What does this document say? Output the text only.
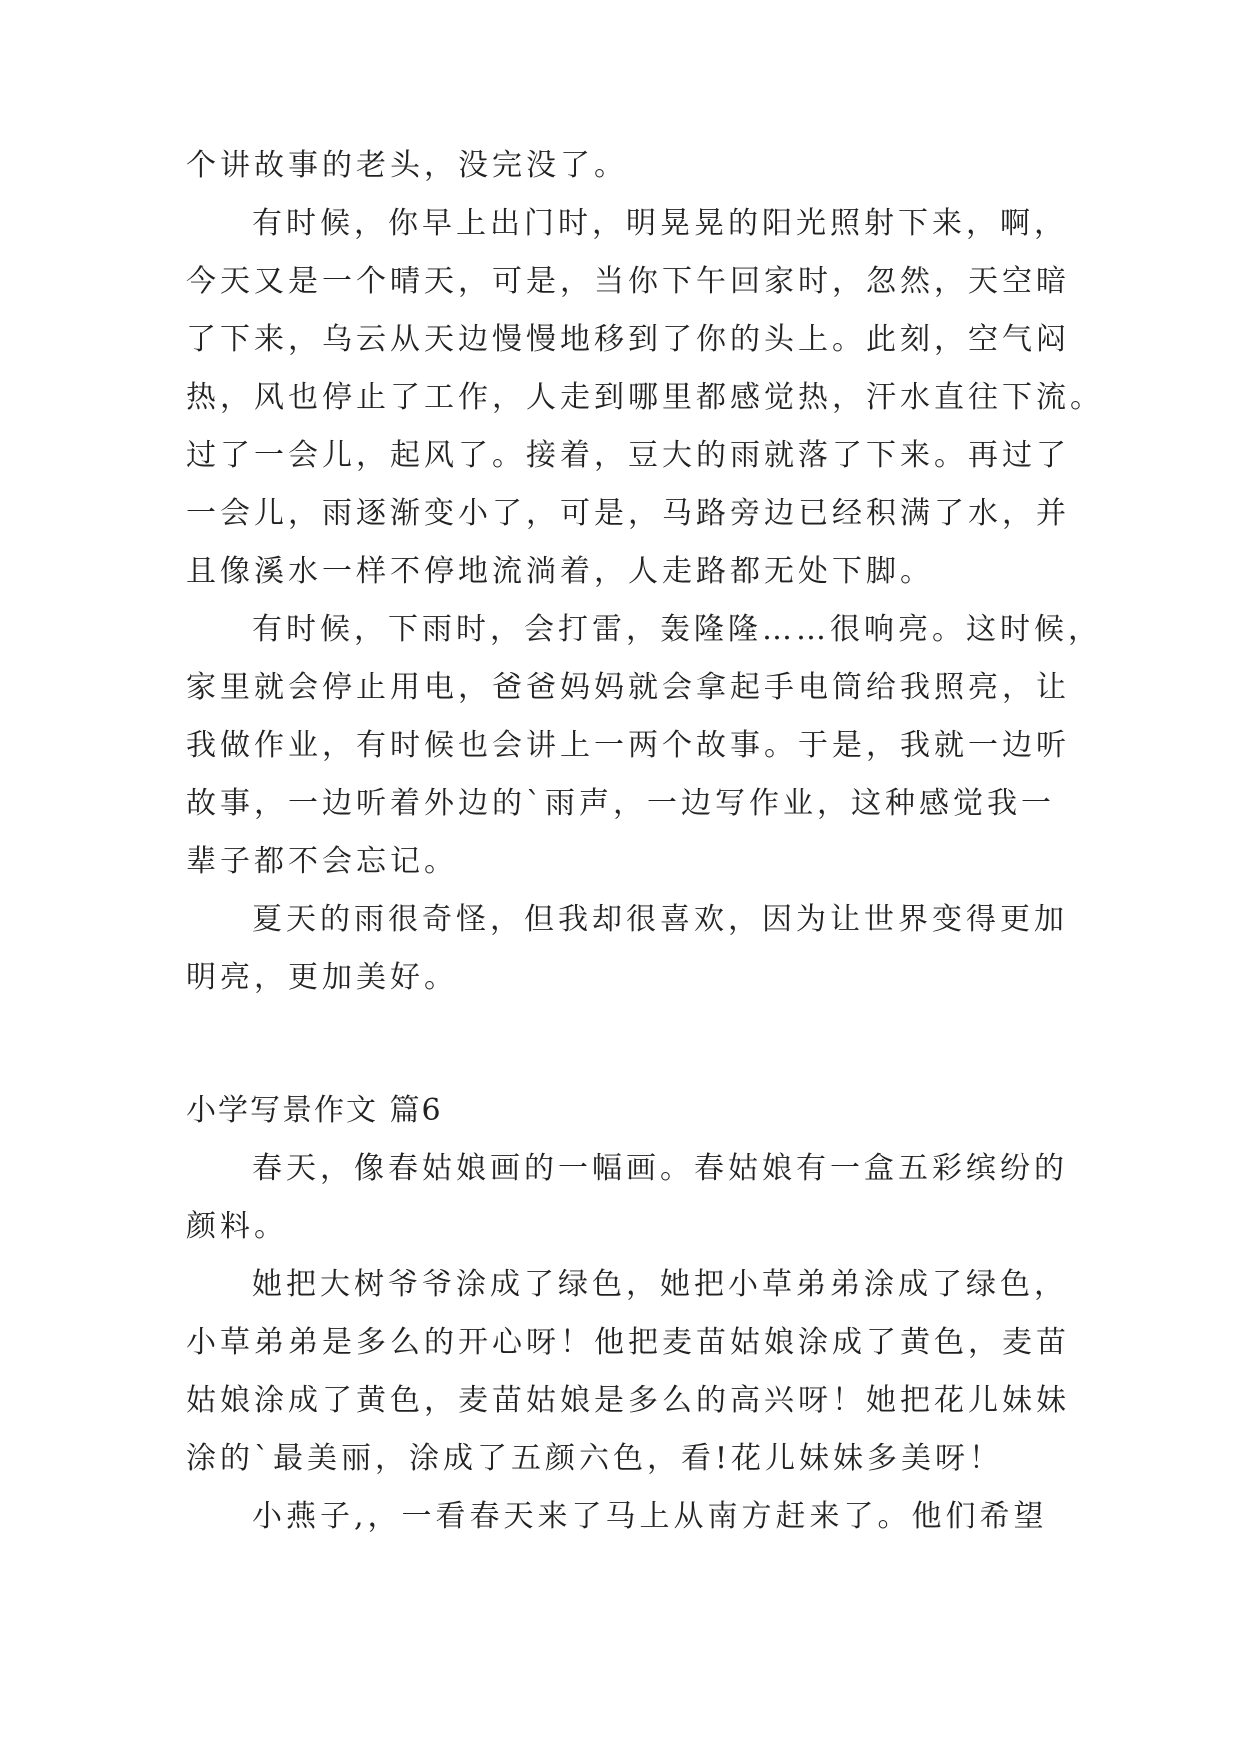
个讲故事的老头，没完没了。
有时候，你早上出门时，明晃晃的阳光照射下来，啊，
今天又是一个晴天，可是，当你下午回家时，忽然，天空暗
了下来，乌云从天边慢慢地移到了你的头上。此刻，空气闷
热，风也停止了工作，人走到哪里都感觉热，汗水直往下流。
过了一会儿，起风了。接着，豆大的雨就落了下来。再过了
一会儿，雨逐渐变小了，可是，马路旁边已经积满了水，并
且像溪水一样不停地流淌着，人走路都无处下脚。
有时候，下雨时，会打雷，轰隆隆……很响亮。这时候，
家里就会停止用电，爸爸妈妈就会拿起手电筒给我照亮，让
我做作业，有时候也会讲上一两个故事。于是，我就一边听
故事，一边听着外边的`雨声，一边写作业，这种感觉我一
辈子都不会忘记。
夏天的雨很奇怪，但我却很喜欢，因为让世界变得更加
明亮，更加美好。
小学写景作文 篇6
春天，像春姑娘画的一幅画。春姑娘有一盒五彩缤纷的
颜料。
她把大树爷爷涂成了绿色，她把小草弟弟涂成了绿色，
小草弟弟是多么的开心呀！他把麦苗姑娘涂成了黄色，麦苗
姑娘涂成了黄色，麦苗姑娘是多么的高兴呀！她把花儿妹妹
涂的`最美丽，涂成了五颜六色，看!花儿妹妹多美呀！
小燕子,，一看春天来了马上从南方赶来了。他们希望
